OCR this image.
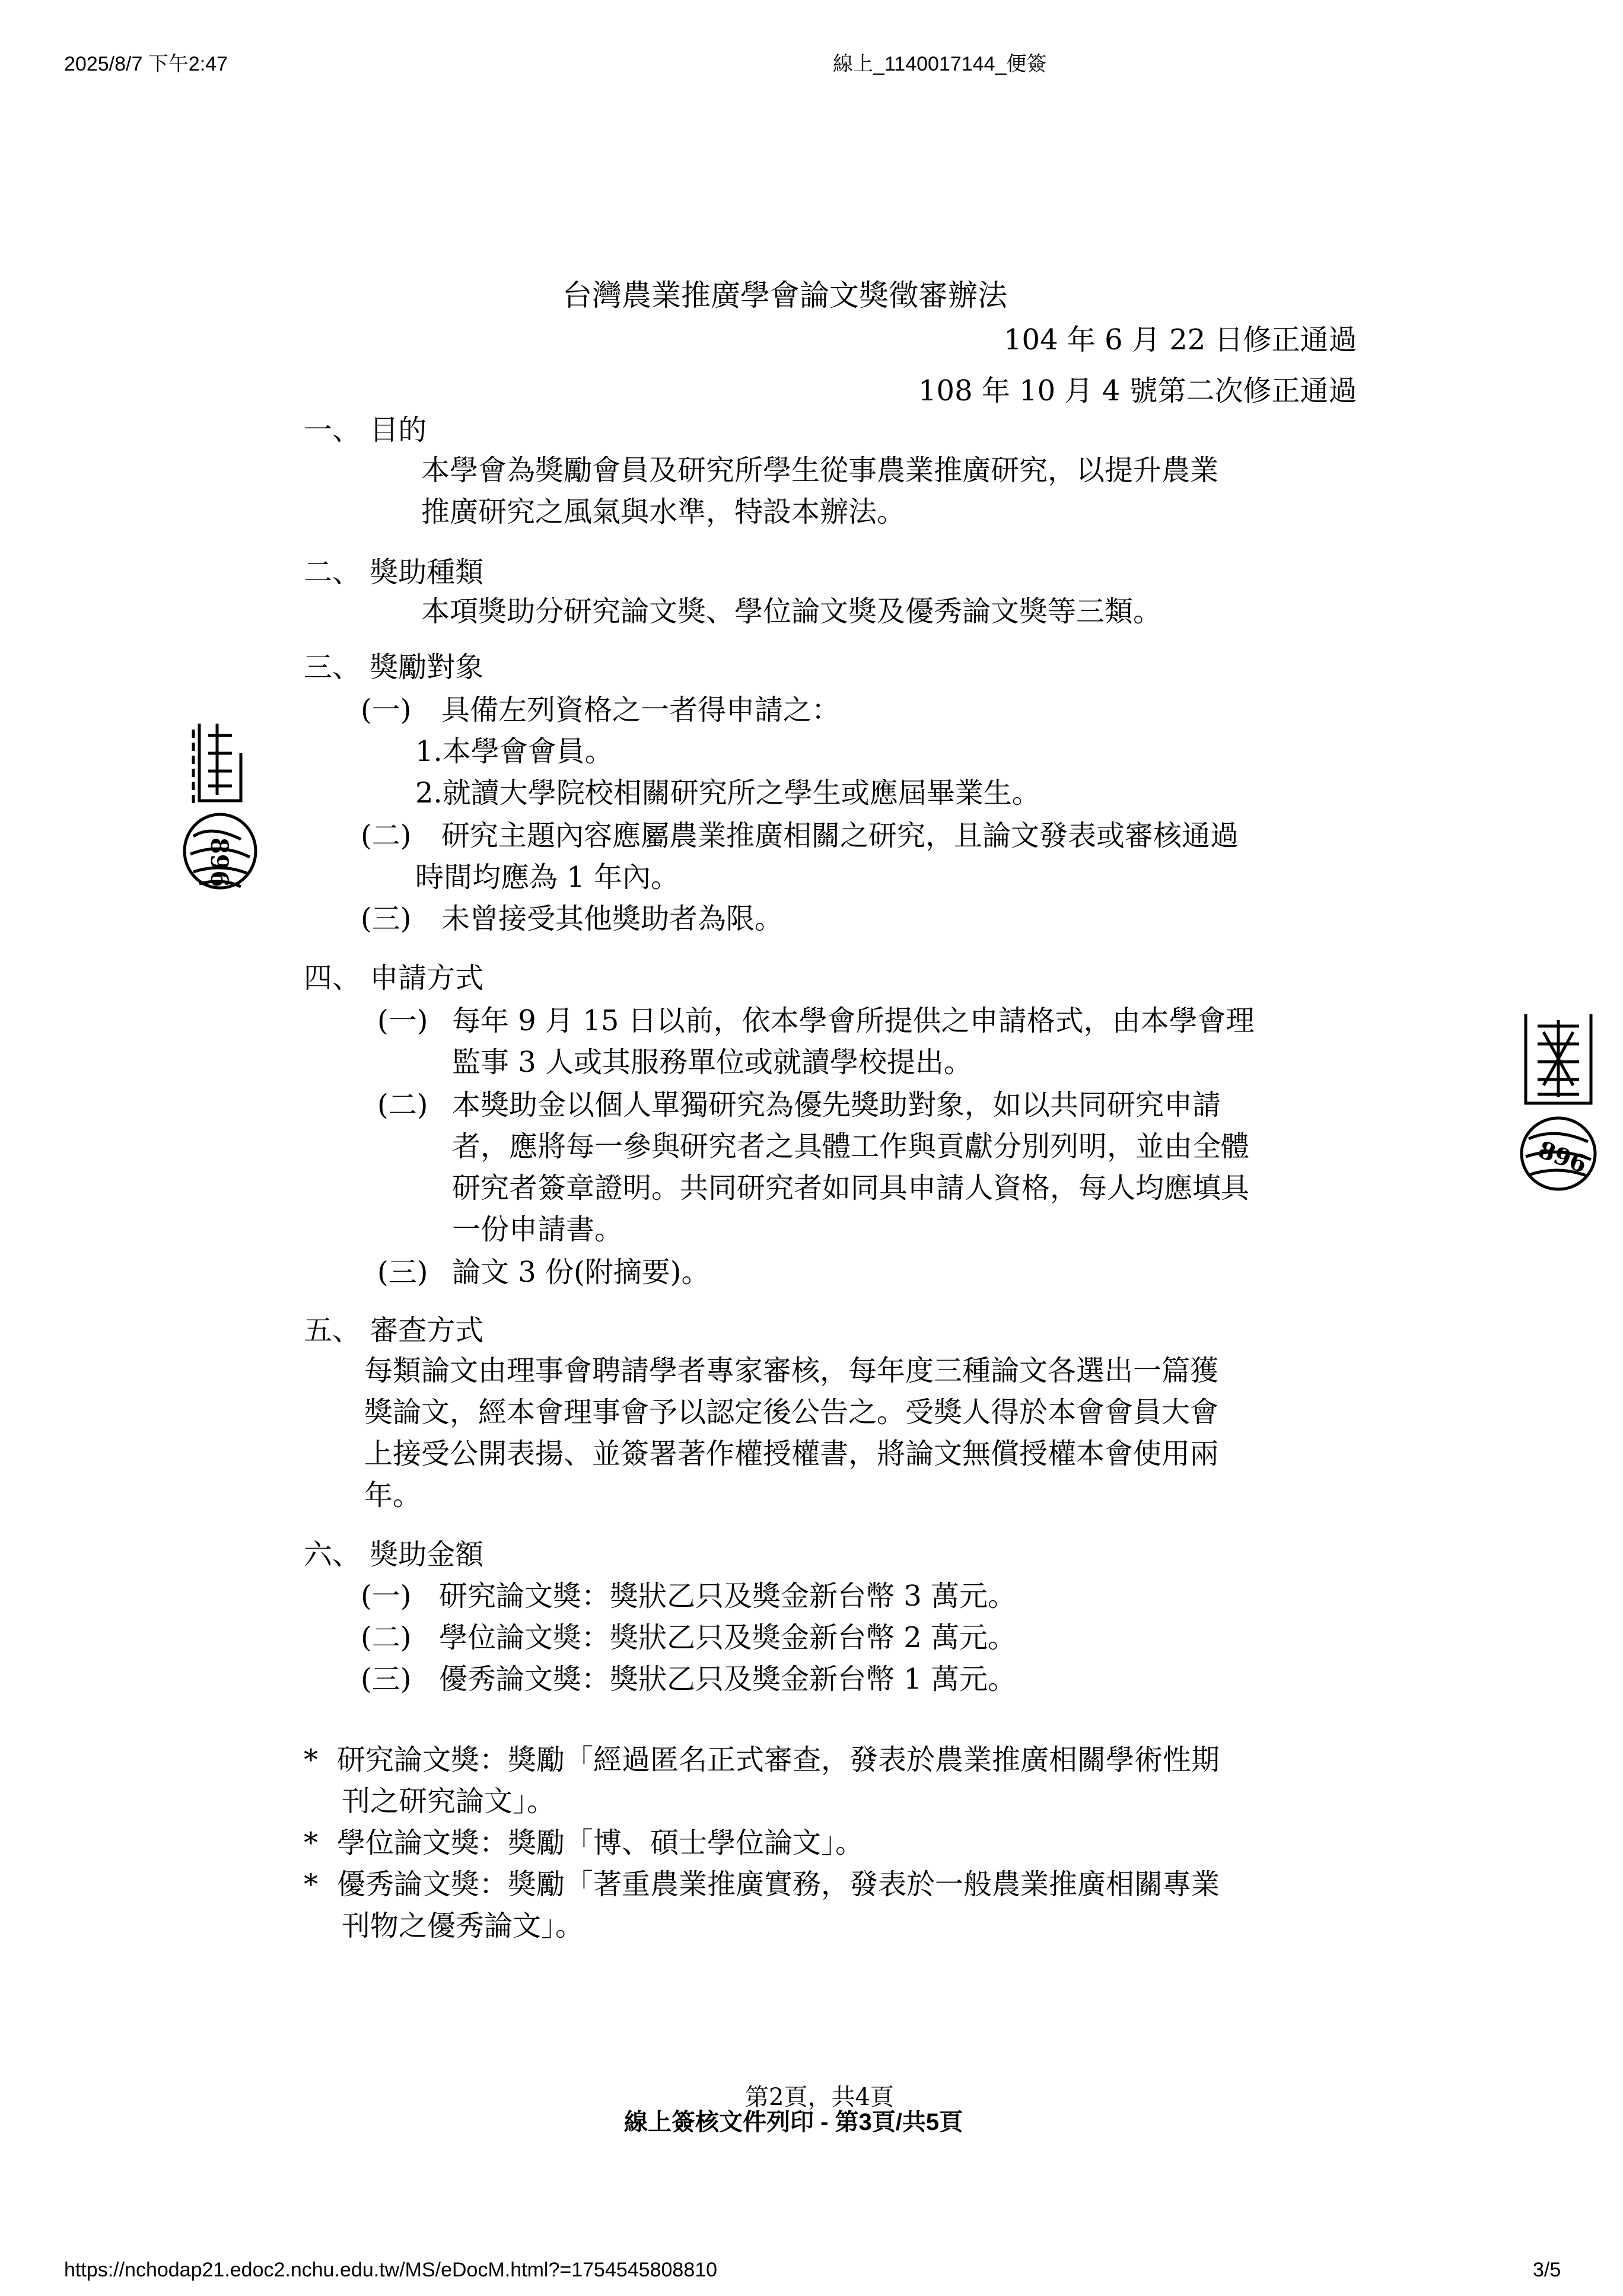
2025/8/7 下午2:47	線上_1140017144_便簽
台灣農業推廣學會論文獎徵審辦法
104 年 6 月 22 日修正通過
108 年 10 月 4 號第二次修正通過
一、 目的
本學會為獎勵會員及研究所學生從事農業推廣研究，以提升農業
推廣研究之風氣與水準，特設本辦法。
二、 獎助種類
本項獎助分研究論文獎、學位論文獎及優秀論文獎等三類。
三、 獎勵對象
(一) 具備左列資格之一者得申請之：
1.本學會會員。
2.就讀大學院校相關研究所之學生或應屆畢業生。
(二) 研究主題內容應屬農業推廣相關之研究，且論文發表或審核通過
時間均應為 1 年內。
(三) 未曾接受其他獎助者為限。
四、 申請方式
(一) 每年 9 月 15 日以前，依本學會所提供之申請格式，由本學會理
監事 3 人或其服務單位或就讀學校提出。
(二) 本獎助金以個人單獨研究為優先獎助對象，如以共同研究申請
者，應將每一參與研究者之具體工作與貢獻分別列明，並由全體
研究者簽章證明。共同研究者如同具申請人資格，每人均應填具
一份申請書。
(三) 論文 3 份(附摘要)。
五、 審查方式
每類論文由理事會聘請學者專家審核，每年度三種論文各選出一篇獲
獎論文，經本會理事會予以認定後公告之。受獎人得於本會會員大會
上接受公開表揚、並簽署著作權授權書，將論文無償授權本會使用兩
年。
六、 獎助金額
(一) 研究論文獎：獎狀乙只及獎金新台幣 3 萬元。
(二) 學位論文獎：獎狀乙只及獎金新台幣 2 萬元。
(三) 優秀論文獎：獎狀乙只及獎金新台幣 1 萬元。
* 研究論文獎：獎勵「經過匿名正式審查，發表於農業推廣相關學術性期
刊之研究論文」。
* 學位論文獎：獎勵「博、碩士學位論文」。
* 優秀論文獎：獎勵「著重農業推廣實務，發表於一般農業推廣相關專業
刊物之優秀論文」。
第2頁，共4頁
線上簽核文件列印 - 第3頁/共5頁
896
896
https://nchodap21.edoc2.nchu.edu.tw/MS/eDocM.html?=1754545808810	3/5
